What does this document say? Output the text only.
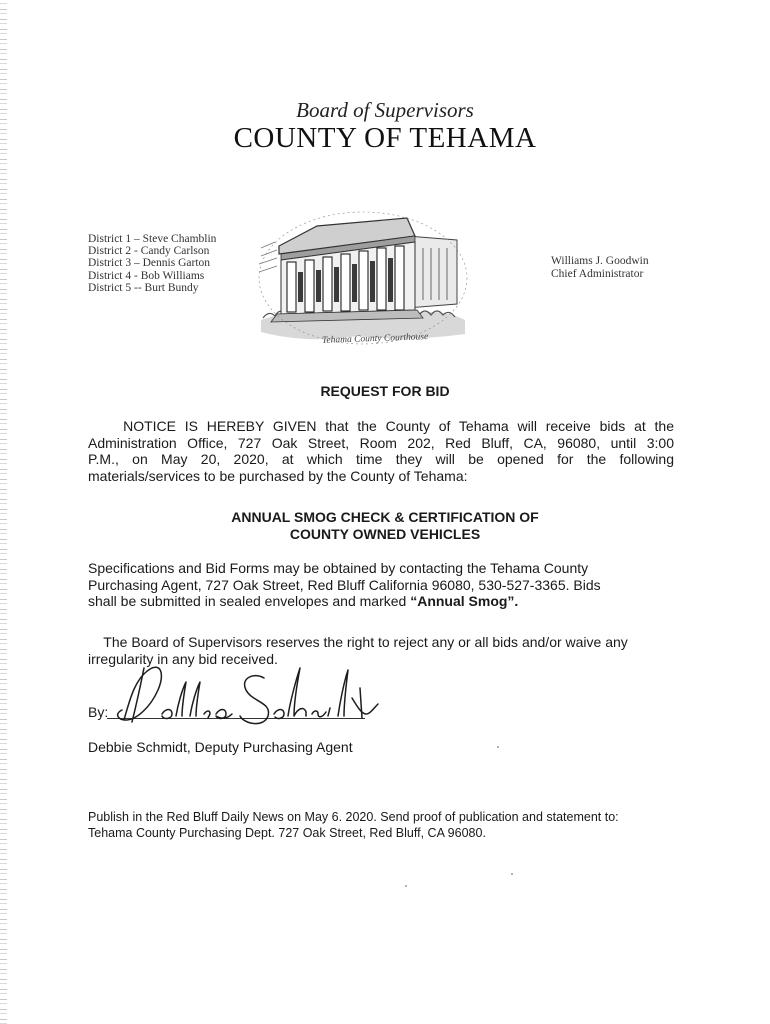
Board of Supervisors
COUNTY OF TEHAMA
District 1 – Steve Chamblin
District 2 - Candy Carlson
District 3 – Dennis Garton
District 4 - Bob Williams
District 5 -- Burt Bundy
Tehama County Courthouse
Williams J. Goodwin
Chief Administrator
REQUEST FOR BID
NOTICE IS HEREBY GIVEN that the County of Tehama will receive bids at the
Administration Office, 727 Oak Street, Room 202, Red Bluff, CA, 96080, until 3:00
P.M., on May 20, 2020, at which time they will be opened for the following
materials/services to be purchased by the County of Tehama:
ANNUAL SMOG CHECK & CERTIFICATION OF
COUNTY OWNED VEHICLES
Specifications and Bid Forms may be obtained by contacting the Tehama County
Purchasing Agent, 727 Oak Street, Red Bluff California 96080, 530-527-3365. Bids
shall be submitted in sealed envelopes and marked “Annual Smog”.
The Board of Supervisors reserves the right to reject any or all bids and/or waive any
irregularity in any bid received.
By:
Debbie Schmidt, Deputy Purchasing Agent
Publish in the Red Bluff Daily News on May 6. 2020. Send proof of publication and statement to:
Tehama County Purchasing Dept. 727 Oak Street, Red Bluff, CA 96080.
